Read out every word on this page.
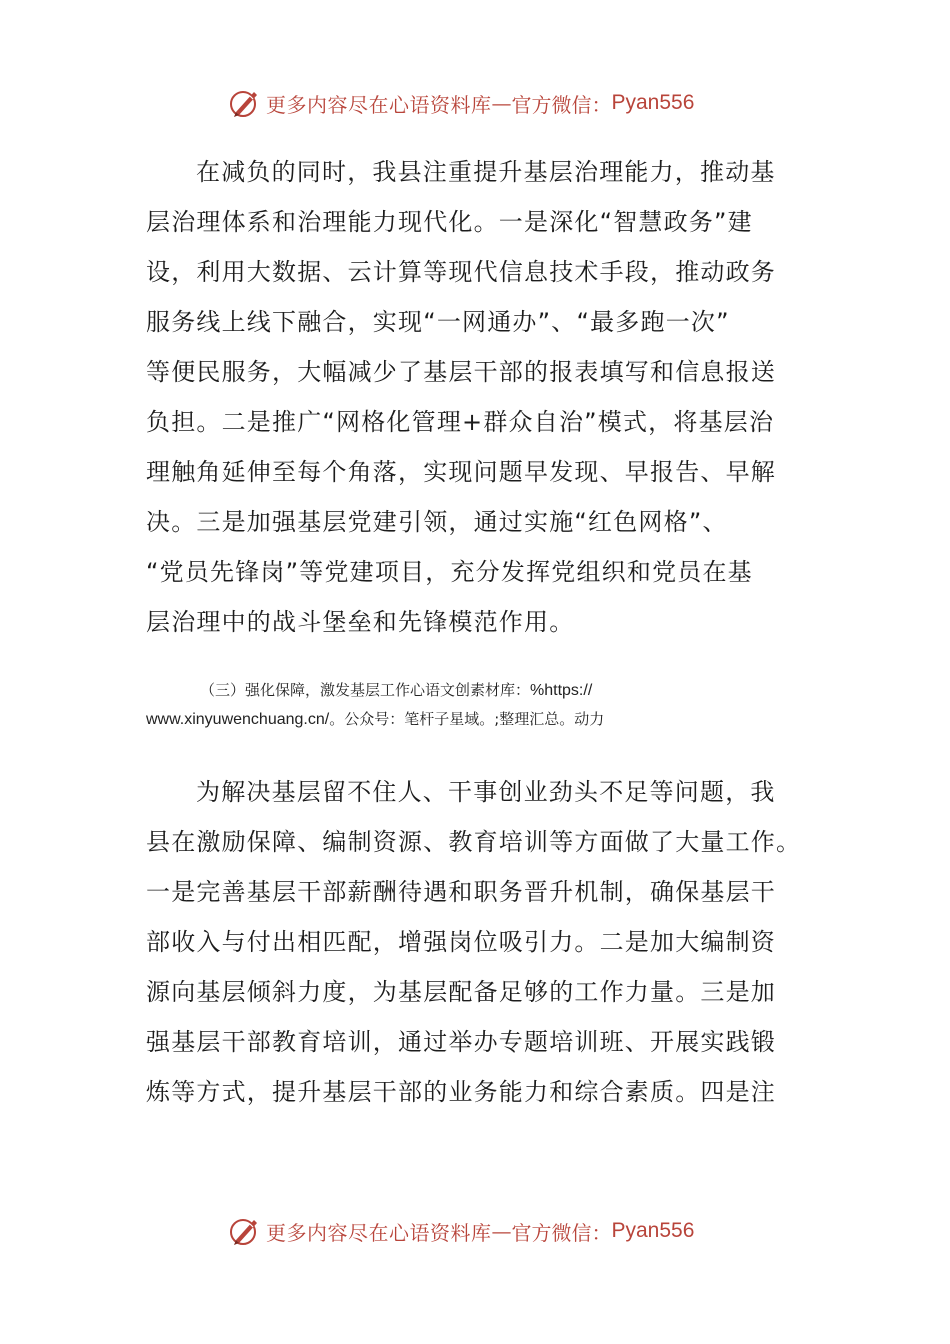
更多内容尽在心语资料库 — 官方微信： Pyan556
在减负的同时，我县注重提升基层治理能力，推动基
层治理体系和治理能力现代化。一是深化“智慧政务”建
设，利用大数据、云计算等现代信息技术手段，推动政务
服务线上线下融合，实现“一网通办”、“最多跑一次”
等便民服务，大幅减少了基层干部的报表填写和信息报送
负担。二是推广“网格化管理+群众自治”模式，将基层治
理触角延伸至每个角落，实现问题早发现、早报告、早解
决。三是加强基层党建引领，通过实施“红色网格”、
“党员先锋岗”等党建项目，充分发挥党组织和党员在基
层治理中的战斗堡垒和先锋模范作用。
（三）强化保障，激发基层工作心语文创素材库：%https://
www.xinyuwenchuang.cn/。公众号：笔杆子星域。;整理汇总。动力
为解决基层留不住人、干事创业劲头不足等问题，我
县在激励保障、编制资源、教育培训等方面做了大量工作。
一是完善基层干部薪酬待遇和职务晋升机制，确保基层干
部收入与付出相匹配，增强岗位吸引力。二是加大编制资
源向基层倾斜力度，为基层配备足够的工作力量。三是加
强基层干部教育培训，通过举办专题培训班、开展实践锻
炼等方式，提升基层干部的业务能力和综合素质。四是注
更多内容尽在心语资料库 — 官方微信： Pyan556
